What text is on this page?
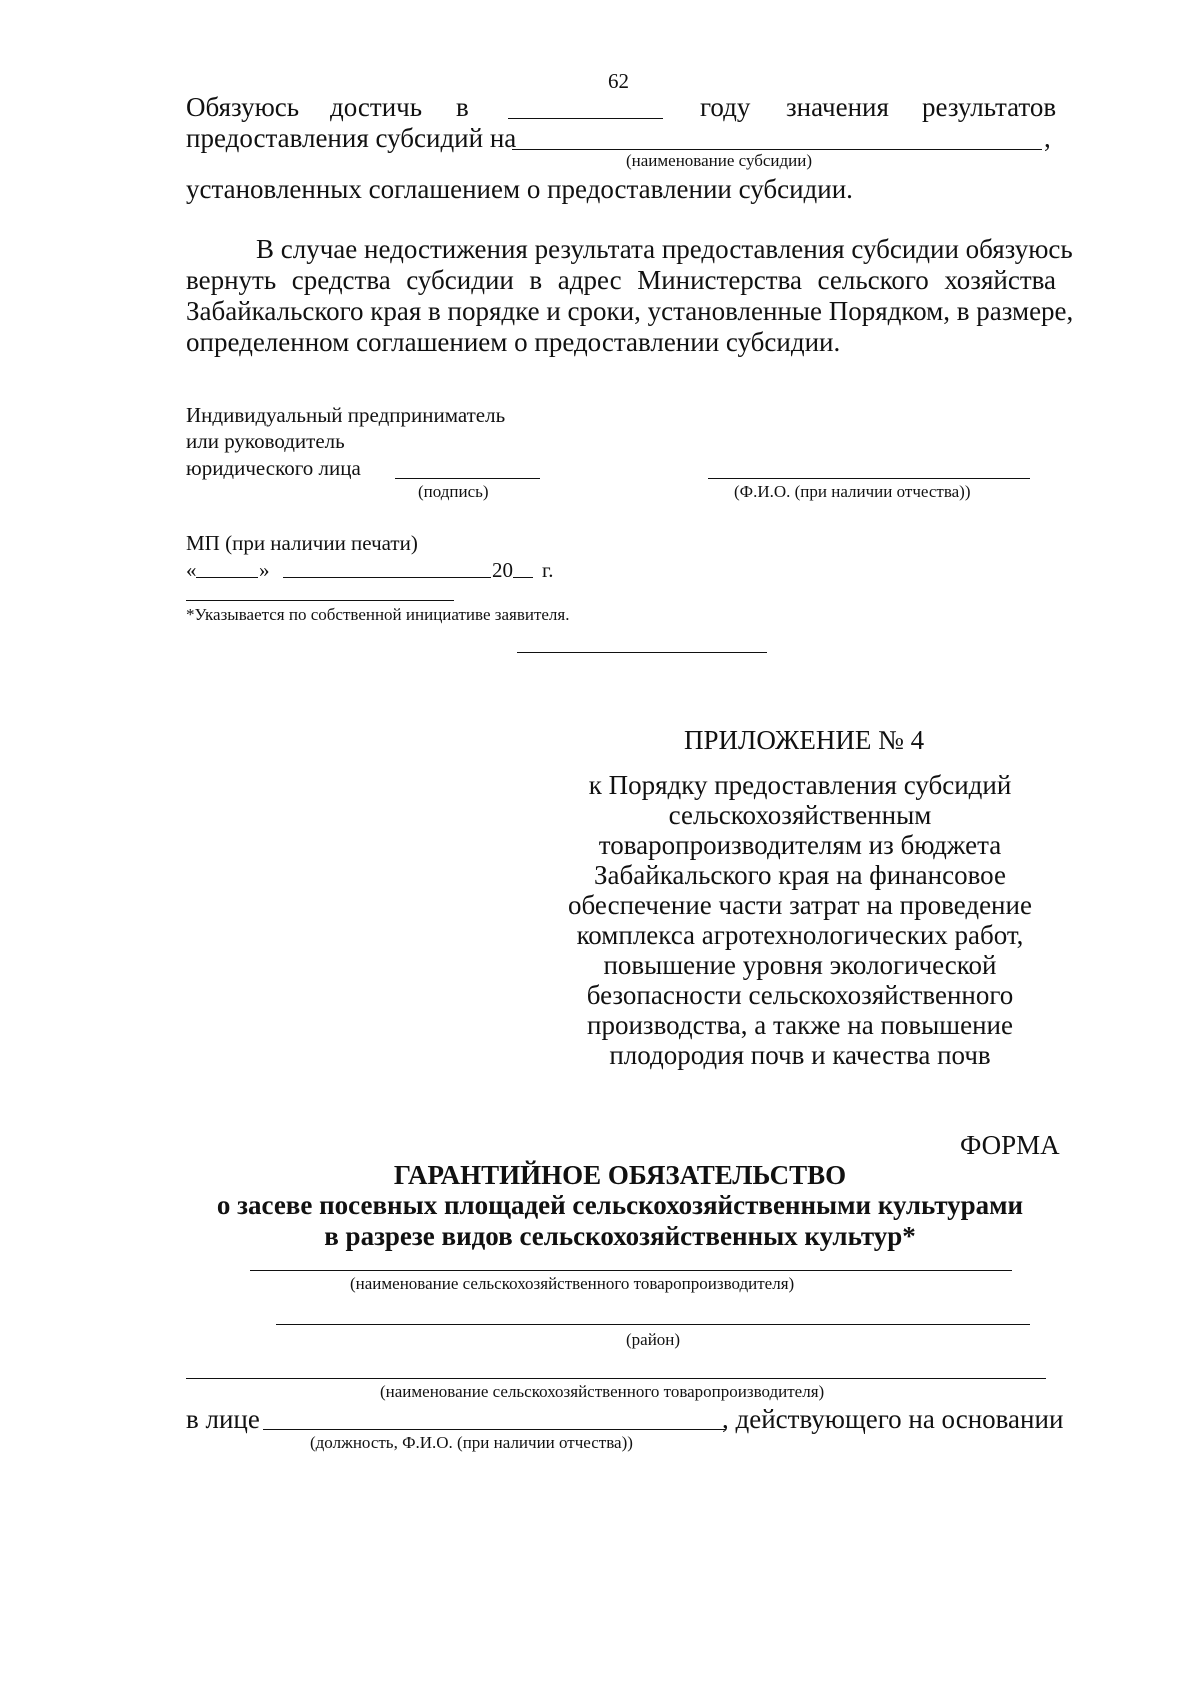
62
Обязуюсь достичь в	году значения результатов
предоставления субсидий на	,
(наименование субсидии)
установленных соглашением о предоставлении субсидии.
В случае недостижения результата предоставления субсидии обязуюсь
вернуть средства субсидии в адрес Министерства сельского хозяйства
Забайкальского края в порядке и сроки, установленные Порядком, в размере,
определенном соглашением о предоставлении субсидии.
Индивидуальный предприниматель
или руководитель
юридического лица
(подпись)	(Ф.И.О. (при наличии отчества))
МП (при наличии печати)
«	»	20 г.
*Указывается по собственной инициативе заявителя.
ПРИЛОЖЕНИЕ № 4
к Порядку предоставления субсидий
сельскохозяйственным
товаропроизводителям из бюджета
Забайкальского края на финансовое
обеспечение части затрат на проведение
комплекса агротехнологических работ,
повышение уровня экологической
безопасности сельскохозяйственного
производства, а также на повышение
плодородия почв и качества почв
ФОРМА
ГАРАНТИЙНОЕ ОБЯЗАТЕЛЬСТВО
о засеве посевных площадей сельскохозяйственными культурами
в разрезе видов сельскохозяйственных культур*
(наименование сельскохозяйственного товаропроизводителя)
(район)
(наименование сельскохозяйственного товаропроизводителя)
в лице	, действующего на основании
(должность, Ф.И.О. (при наличии отчества))
